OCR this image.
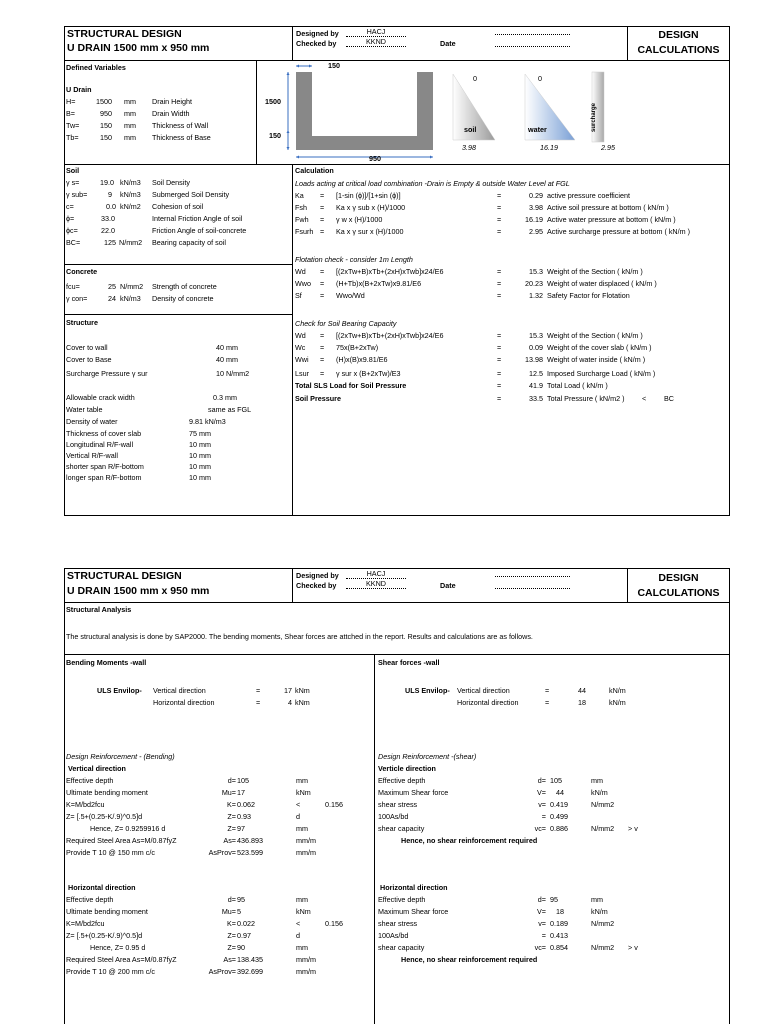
STRUCTURAL DESIGN
U DRAIN 1500 mm x 950 mm
Designed by
Checked by
HACJ
KKND	Date
DESIGN
CALCULATIONS
Defined Variables
U Drain
H=	1500 mm Drain Height
B=	950 mm Drain Width
Tw=	150 mm Thickness of Wall
Tb=	150 mm Thickness of Base
150
1500
150
950
0	0
soil	water	surcharge
3.98	16.19	2.95
Soil
γ s=	19.0 kN/m3 Soil Density
γ sub=	9 kN/m3 Submerged Soil Density
c=	0.0 kN/m2 Cohesion of soil
ϕ=	33.0	Internal Friction Angle of soil
ϕc=	22.0	Friction Angle of soil-concrete
BC=	125 N/mm2 Bearing capacity of soil
Concrete
fcu=	25 N/mm2 Strength of concrete
γ con=	24 kN/m3 Density of concrete
Structure
Cover to wall	40 mm
Cover to Base	40 mm
Surcharge Pressure γ sur	10 N/mm2
Allowable crack width	0.3 mm
Water table	same as FGL
Density of water	9.81 kN/m3
Thickness of cover slab	75 mm
Longitudinal R/F-wall	10 mm
Vertical R/F-wall	10 mm
shorter span R/F-bottom	10 mm
longer span R/F-bottom	10 mm
Calculation
Loads acting at critical load combination -Drain is Empty & outside Water Level at FGL
Ka = [1-sin (ϕ)]/[1+sin (ϕ)]	=	0.29 active pressure coefficient
Fsh = Ka x γ sub x (H)/1000	=	3.98 Active soil pressure at bottom ( kN/m )
Fwh = γ w x (H)/1000	=	16.19 Active water pressure at bottom ( kN/m )
Fsurh = Ka x γ sur x (H)/1000	=	2.95 Active surcharge pressure at bottom ( kN/m )
Flotation check - consider 1m Length
Wd = [(2xTw+B)xTb+(2xH)xTwb]x24/E6	=	15.3 Weight of the Section ( kN/m )
Wwo = (H+Tb)x(B+2xTw)x9.81/E6	=	20.23 Weight of water displaced ( kN/m )
Sf	= Wwo/Wd	=	1.32 Safety Factor for Flotation
Check for Soil Bearing Capacity
Wd = [(2xTw+B)xTb+(2xH)xTwb]x24/E6	=	15.3 Weight of the Section ( kN/m )
Wc = 75x(B+2xTw)	=	0.09 Weight of the cover slab ( kN/m )
Wwi = (H)x(B)x9.81/E6	=	13.98 Weight of water inside ( kN/m )
Lsur = γ sur x (B+2xTw)/E3	=	12.5 Imposed Surcharge Load ( kN/m )
Total SLS Load for Soil Pressure	=	41.9 Total Load ( kN/m )
Soil Pressure	=	33.5 Total Pressure ( kN/m2 ) < BC
STRUCTURAL DESIGN
U DRAIN 1500 mm x 950 mm
Designed by
Checked by
HACJ
KKND	Date
DESIGN
CALCULATIONS
Structural Analysis
The structural analysis is done by SAP2000. The bending moments, Shear forces are attched in the report. Results and calculations are as follows.
Bending Moments -wall	Shear forces -wall
ULS Envilop- Vertical direction	=	17 kNm
Horizontal direction	=	4 kNm
ULS Envilop- Vertical direction	=	44	kN/m
Horizontal direction	=	18	kN/m
Design Reinforcement - (Bending)	Design Reinforcement -(shear)
Vertical direction
Effective depth	d= 105	mm
Ultimate bending moment	Mu= 17	kNm
K=M/bd2fcu	K= 0.062	<	0.156
Z= [.5+(0.25-K/.9)^0.5]d	Z= 0.93	d
Hence, Z= 0.9259916 d	Z= 97	mm
Required Steel Area As=M/0.87fyZ	As= 436.893	mm/m
Provide T 10 @ 150 mm c/c	AsProv= 523.599	mm/m
Verticle direction
Effective depth	d= 105	mm
Maximum Shear force	V= 44	kN/m
shear stress	v= 0.419	N/mm2
100As/bd	= 0.499
shear capacity	vc= 0.886	N/mm2 > v
Hence, no shear reinforcement required
Horizontal direction
Effective depth	d= 95	mm
Ultimate bending moment	Mu= 5	kNm
K=M/bd2fcu	K= 0.022	<	0.156
Z= [.5+(0.25-K/.9)^0.5]d	Z= 0.97	d
Hence, Z= 0.95 d	Z= 90	mm
Required Steel Area As=M/0.87fyZ	As= 138.435	mm/m
Provide T 10 @ 200 mm c/c	AsProv= 392.699	mm/m
Horizontal direction
Effective depth	d= 95	mm
Maximum Shear force	V= 18	kN/m
shear stress	v= 0.189	N/mm2
100As/bd	= 0.413
shear capacity	vc= 0.854	N/mm2 > v
Hence, no shear reinforcement required
